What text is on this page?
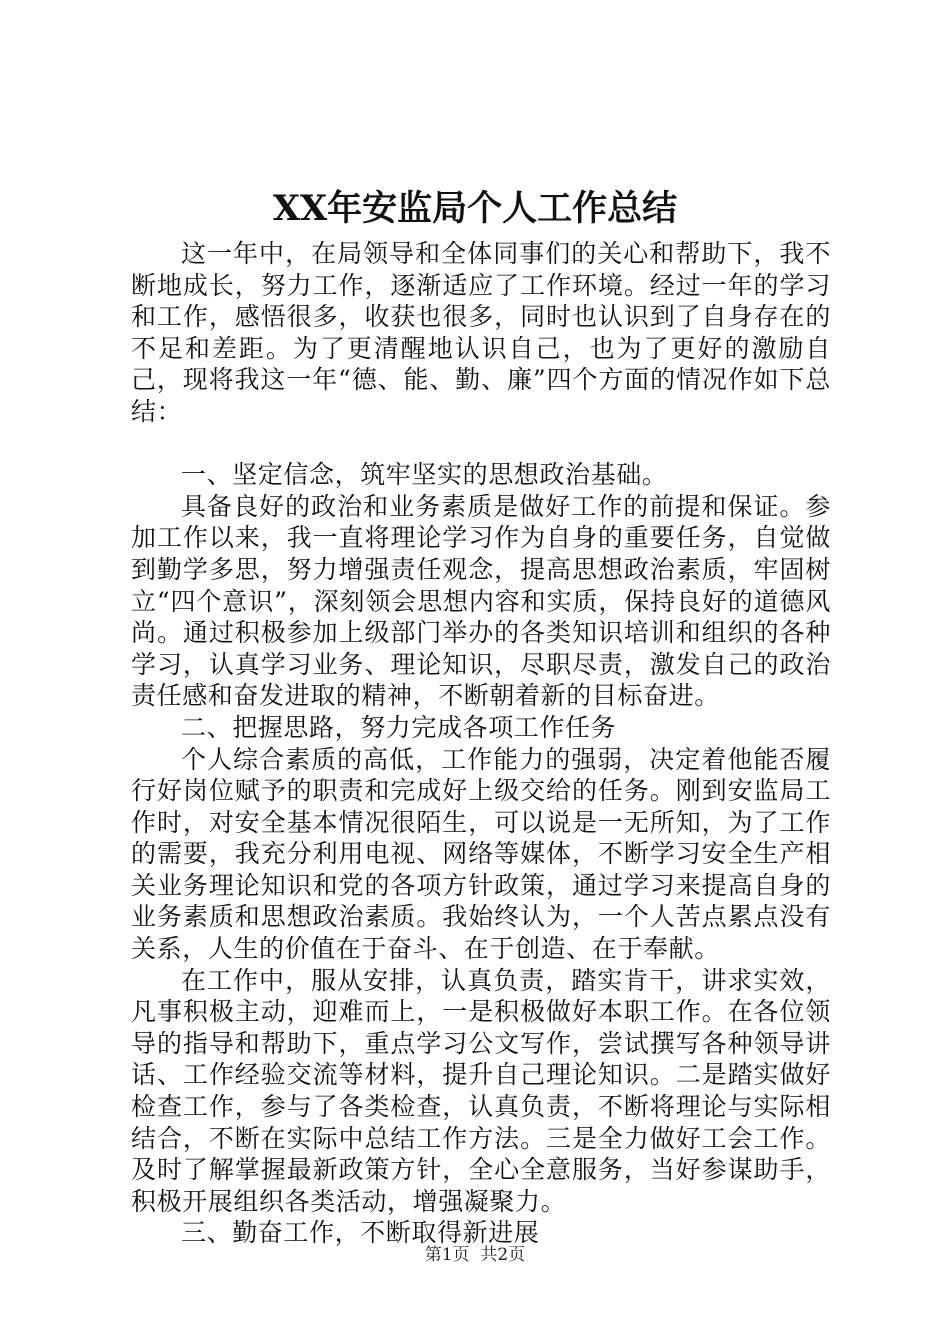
XX年安监局个人工作总结

这一年中，在局领导和全体同事们的关心和帮助下，我不断地成长，努力工作，逐渐适应了工作环境。经过一年的学习和工作，感悟很多，收获也很多，同时也认识到了自身存在的不足和差距。为了更清醒地认识自己，也为了更好的激励自己，现将我这一年“德、能、勤、廉”四个方面的情况作如下总结：

一、坚定信念，筑牢坚实的思想政治基础。

具备良好的政治和业务素质是做好工作的前提和保证。参加工作以来，我一直将理论学习作为自身的重要任务，自觉做到勤学多思，努力增强责任观念，提高思想政治素质，牢固树立“四个意识”，深刻领会思想内容和实质，保持良好的道德风尚。通过积极参加上级部门举办的各类知识培训和组织的各种学习，认真学习业务、理论知识，尽职尽责，激发自己的政治责任感和奋发进取的精神，不断朝着新的目标奋进。

二、把握思路，努力完成各项工作任务

个人综合素质的高低，工作能力的强弱，决定着他能否履行好岗位赋予的职责和完成好上级交给的任务。刚到安监局工作时，对安全基本情况很陌生，可以说是一无所知，为了工作的需要，我充分利用电视、网络等媒体，不断学习安全生产相关业务理论知识和党的各项方针政策，通过学习来提高自身的业务素质和思想政治素质。我始终认为，一个人苦点累点没有关系，人生的价值在于奋斗、在于创造、在于奉献。

在工作中，服从安排，认真负责，踏实肯干，讲求实效，凡事积极主动，迎难而上，一是积极做好本职工作。在各位领导的指导和帮助下，重点学习公文写作，尝试撰写各种领导讲话、工作经验交流等材料，提升自己理论知识。二是踏实做好检查工作，参与了各类检查，认真负责，不断将理论与实际相结合，不断在实际中总结工作方法。三是全力做好工会工作。及时了解掌握最新政策方针，全心全意服务，当好参谋助手，积极开展组织各类活动，增强凝聚力。

三、勤奋工作，不断取得新进展

第1页  共2页
